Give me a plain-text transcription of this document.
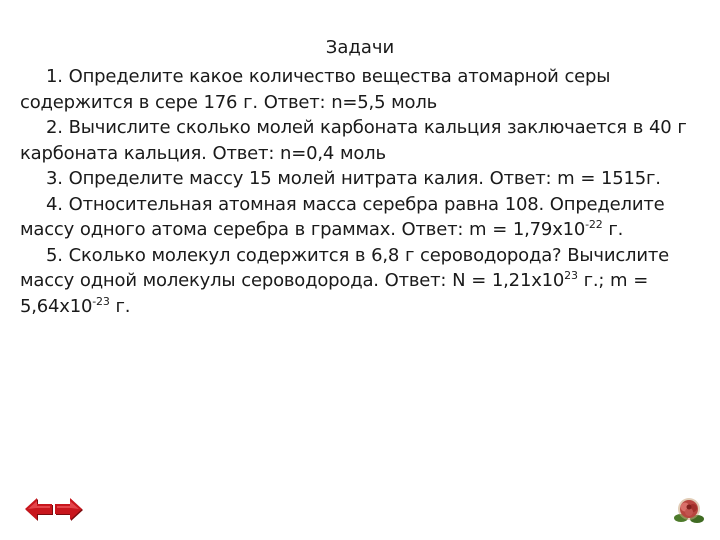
Задачи

1. Определите какое количество вещества атомарной серы содержится в сере 176 г. Ответ: n=5,5 моль

2. Вычислите сколько молей карбоната кальция заключается в 40 г карбоната кальция. Ответ: n=0,4 моль

3. Определите массу 15 молей нитрата калия. Ответ: m = 1515г.

4. Относительная атомная масса серебра равна 108. Определите массу одного атома серебра в граммах. Ответ: $m = 1,79x10^{-22}$ г.

5. Сколько молекул содержится в 6,8 г сероводорода? Вычислите массу одной молекулы сероводорода. Ответ: $N = 1,21x10^{23}$ г.; $m = 5,64x10^{-23}$ г.
